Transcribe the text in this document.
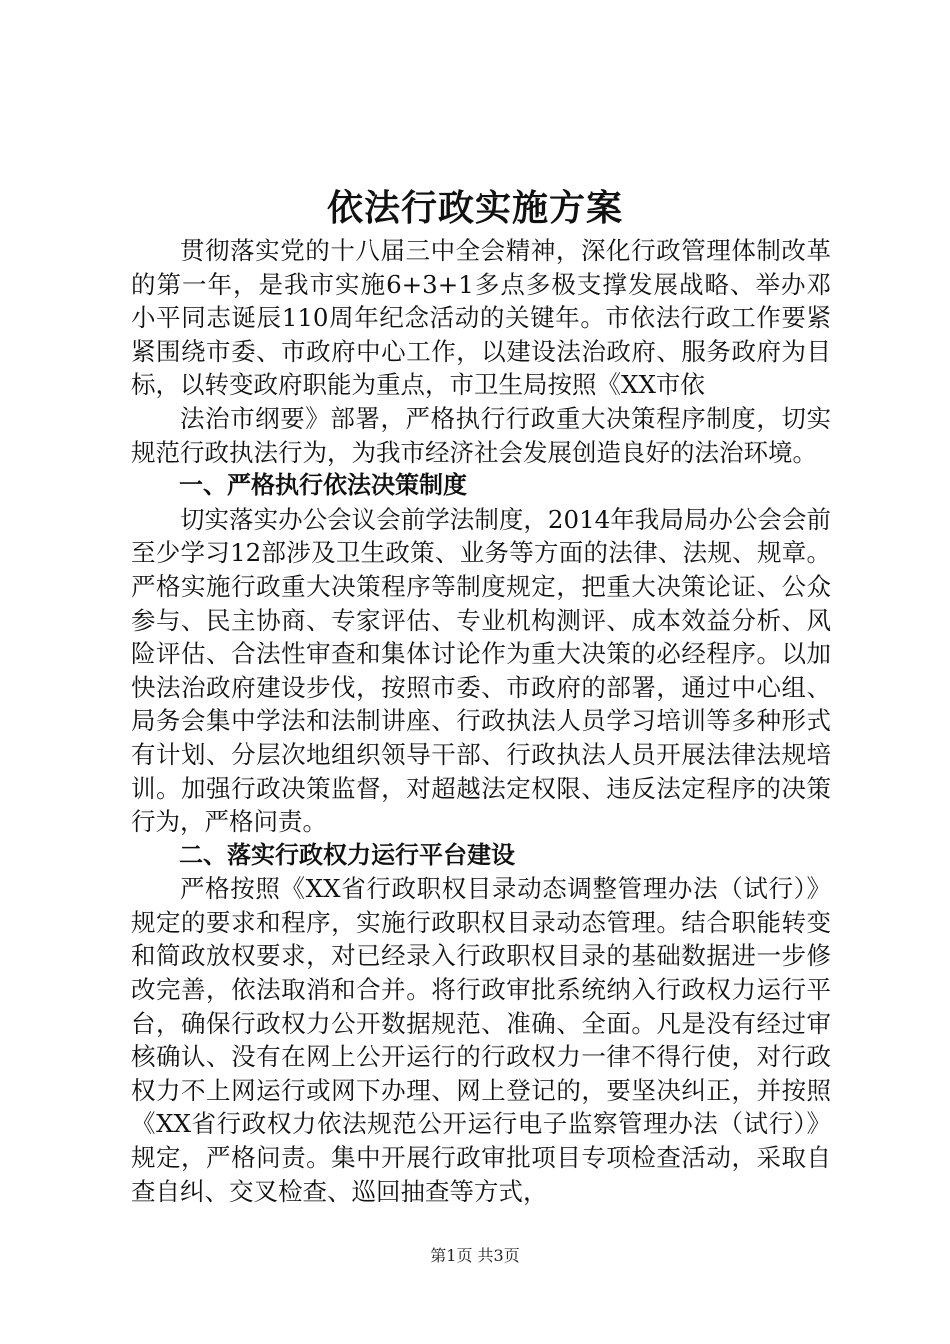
依法行政实施方案

贯彻落实党的十八届三中全会精神，深化行政管理体制改革的第一年，是我市实施6+3+1多点多极支撑发展战略、举办邓小平同志诞辰110周年纪念活动的关键年。市依法行政工作要紧紧围绕市委、市政府中心工作，以建设法治政府、服务政府为目标，以转变政府职能为重点，市卫生局按照《XX市依

法治市纲要》部署，严格执行行政重大决策程序制度，切实规范行政执法行为，为我市经济社会发展创造良好的法治环境。

一、严格执行依法决策制度

切实落实办公会议会前学法制度，2014年我局局办公会会前至少学习12部涉及卫生政策、业务等方面的法律、法规、规章。严格实施行政重大决策程序等制度规定，把重大决策论证、公众参与、民主协商、专家评估、专业机构测评、成本效益分析、风险评估、合法性审查和集体讨论作为重大决策的必经程序。以加快法治政府建设步伐，按照市委、市政府的部署，通过中心组、局务会集中学法和法制讲座、行政执法人员学习培训等多种形式有计划、分层次地组织领导干部、行政执法人员开展法律法规培训。加强行政决策监督，对超越法定权限、违反法定程序的决策行为，严格问责。

二、落实行政权力运行平台建设

严格按照《XX省行政职权目录动态调整管理办法（试行）》规定的要求和程序，实施行政职权目录动态管理。结合职能转变和简政放权要求，对已经录入行政职权目录的基础数据进一步修改完善，依法取消和合并。将行政审批系统纳入行政权力运行平台，确保行政权力公开数据规范、准确、全面。凡是没有经过审核确认、没有在网上公开运行的行政权力一律不得行使，对行政权力不上网运行或网下办理、网上登记的，要坚决纠正，并按照《XX省行政权力依法规范公开运行电子监察管理办法（试行）》规定，严格问责。集中开展行政审批项目专项检查活动，采取自查自纠、交叉检查、巡回抽查等方式，

第1页 共3页
